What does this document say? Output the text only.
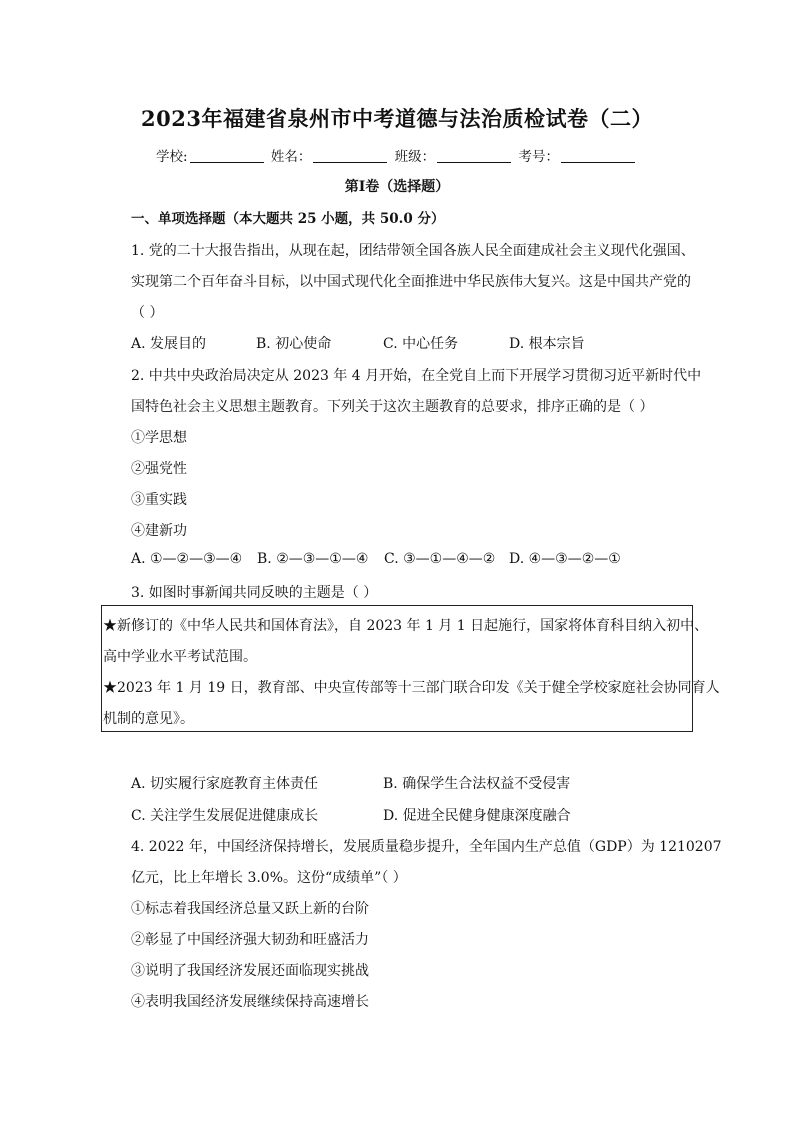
2023年福建省泉州市中考道德与法治质检试卷（二）
学校:	姓名：	班级：	考号：
第I卷（选择题）
一、单项选择题（本大题共 25 小题，共 50.0 分）
1. 党的二十大报告指出，从现在起，团结带领全国各族人民全面建成社会主义现代化强国、
实现第二个百年奋斗目标，以中国式现代化全面推进中华民族伟大复兴。这是中国共产党的
（ ）
A. 发展目的	B. 初心使命	C. 中心任务	D. 根本宗旨
2. 中共中央政治局决定从 2023 年 4 月开始，在全党自上而下开展学习贯彻习近平新时代中
国特色社会主义思想主题教育。下列关于这次主题教育的总要求，排序正确的是（ ）
①学思想
②强党性
③重实践
④建新功
A. ①—②—③—④ B. ②—③—①—④ C. ③—①—④—② D. ④—③—②—①
3. 如图时事新闻共同反映的主题是（ ）
★新修订的《中华人民共和国体育法》，自 2023 年 1 月 1 日起施行，国家将体育科目纳入初中、
高中学业水平考试范围。
★2023 年 1 月 19 日，教育部、中央宣传部等十三部门联合印发《关于健全学校家庭社会协同育人
机制的意见》。
A. 切实履行家庭教育主体责任	B. 确保学生合法权益不受侵害
C. 关注学生发展促进健康成长	D. 促进全民健身健康深度融合
4. 2022 年，中国经济保持增长，发展质量稳步提升，全年国内生产总值（GDP）为 1210207
亿元，比上年增长 3.0%。这份“成绩单”（ ）
①标志着我国经济总量又跃上新的台阶
②彰显了中国经济强大韧劲和旺盛活力
③说明了我国经济发展还面临现实挑战
④表明我国经济发展继续保持高速增长
